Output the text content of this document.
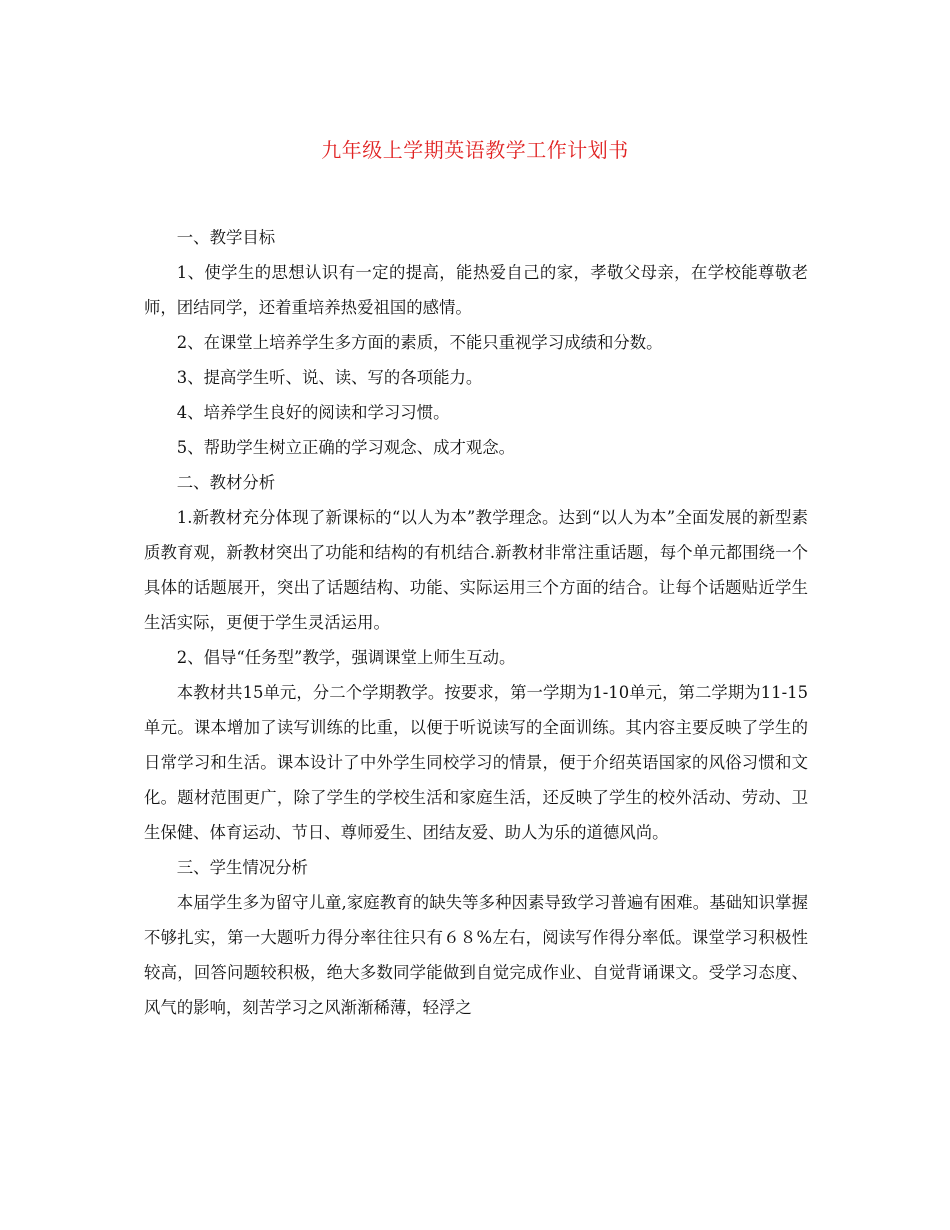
九年级上学期英语教学工作计划书

一、教学目标

1、使学生的思想认识有一定的提高，能热爱自己的家，孝敬父母亲，在学校能尊敬老师，团结同学，还着重培养热爱祖国的感情。

2、在课堂上培养学生多方面的素质，不能只重视学习成绩和分数。

3、提高学生听、说、读、写的各项能力。

4、培养学生良好的阅读和学习习惯。

5、帮助学生树立正确的学习观念、成才观念。

二、教材分析

1.新教材充分体现了新课标的“以人为本”教学理念。达到“以人为本”全面发展的新型素质教育观，新教材突出了功能和结构的有机结合.新教材非常注重话题，每个单元都围绕一个具体的话题展开，突出了话题结构、功能、实际运用三个方面的结合。让每个话题贴近学生生活实际，更便于学生灵活运用。

2、倡导“任务型”教学，强调课堂上师生互动。

本教材共15单元，分二个学期教学。按要求，第一学期为1-10单元，第二学期为11-15单元。课本增加了读写训练的比重，以便于听说读写的全面训练。其内容主要反映了学生的日常学习和生活。课本设计了中外学生同校学习的情景，便于介绍英语国家的风俗习惯和文化。题材范围更广，除了学生的学校生活和家庭生活，还反映了学生的校外活动、劳动、卫生保健、体育运动、节日、尊师爱生、团结友爱、助人为乐的道德风尚。

三、学生情况分析

本届学生多为留守儿童,家庭教育的缺失等多种因素导致学习普遍有困难。基础知识掌握不够扎实，第一大题听力得分率往往只有６８%左右，阅读写作得分率低。课堂学习积极性较高，回答问题较积极，绝大多数同学能做到自觉完成作业、自觉背诵课文。受学习态度、风气的影响，刻苦学习之风渐渐稀薄，轻浮之
